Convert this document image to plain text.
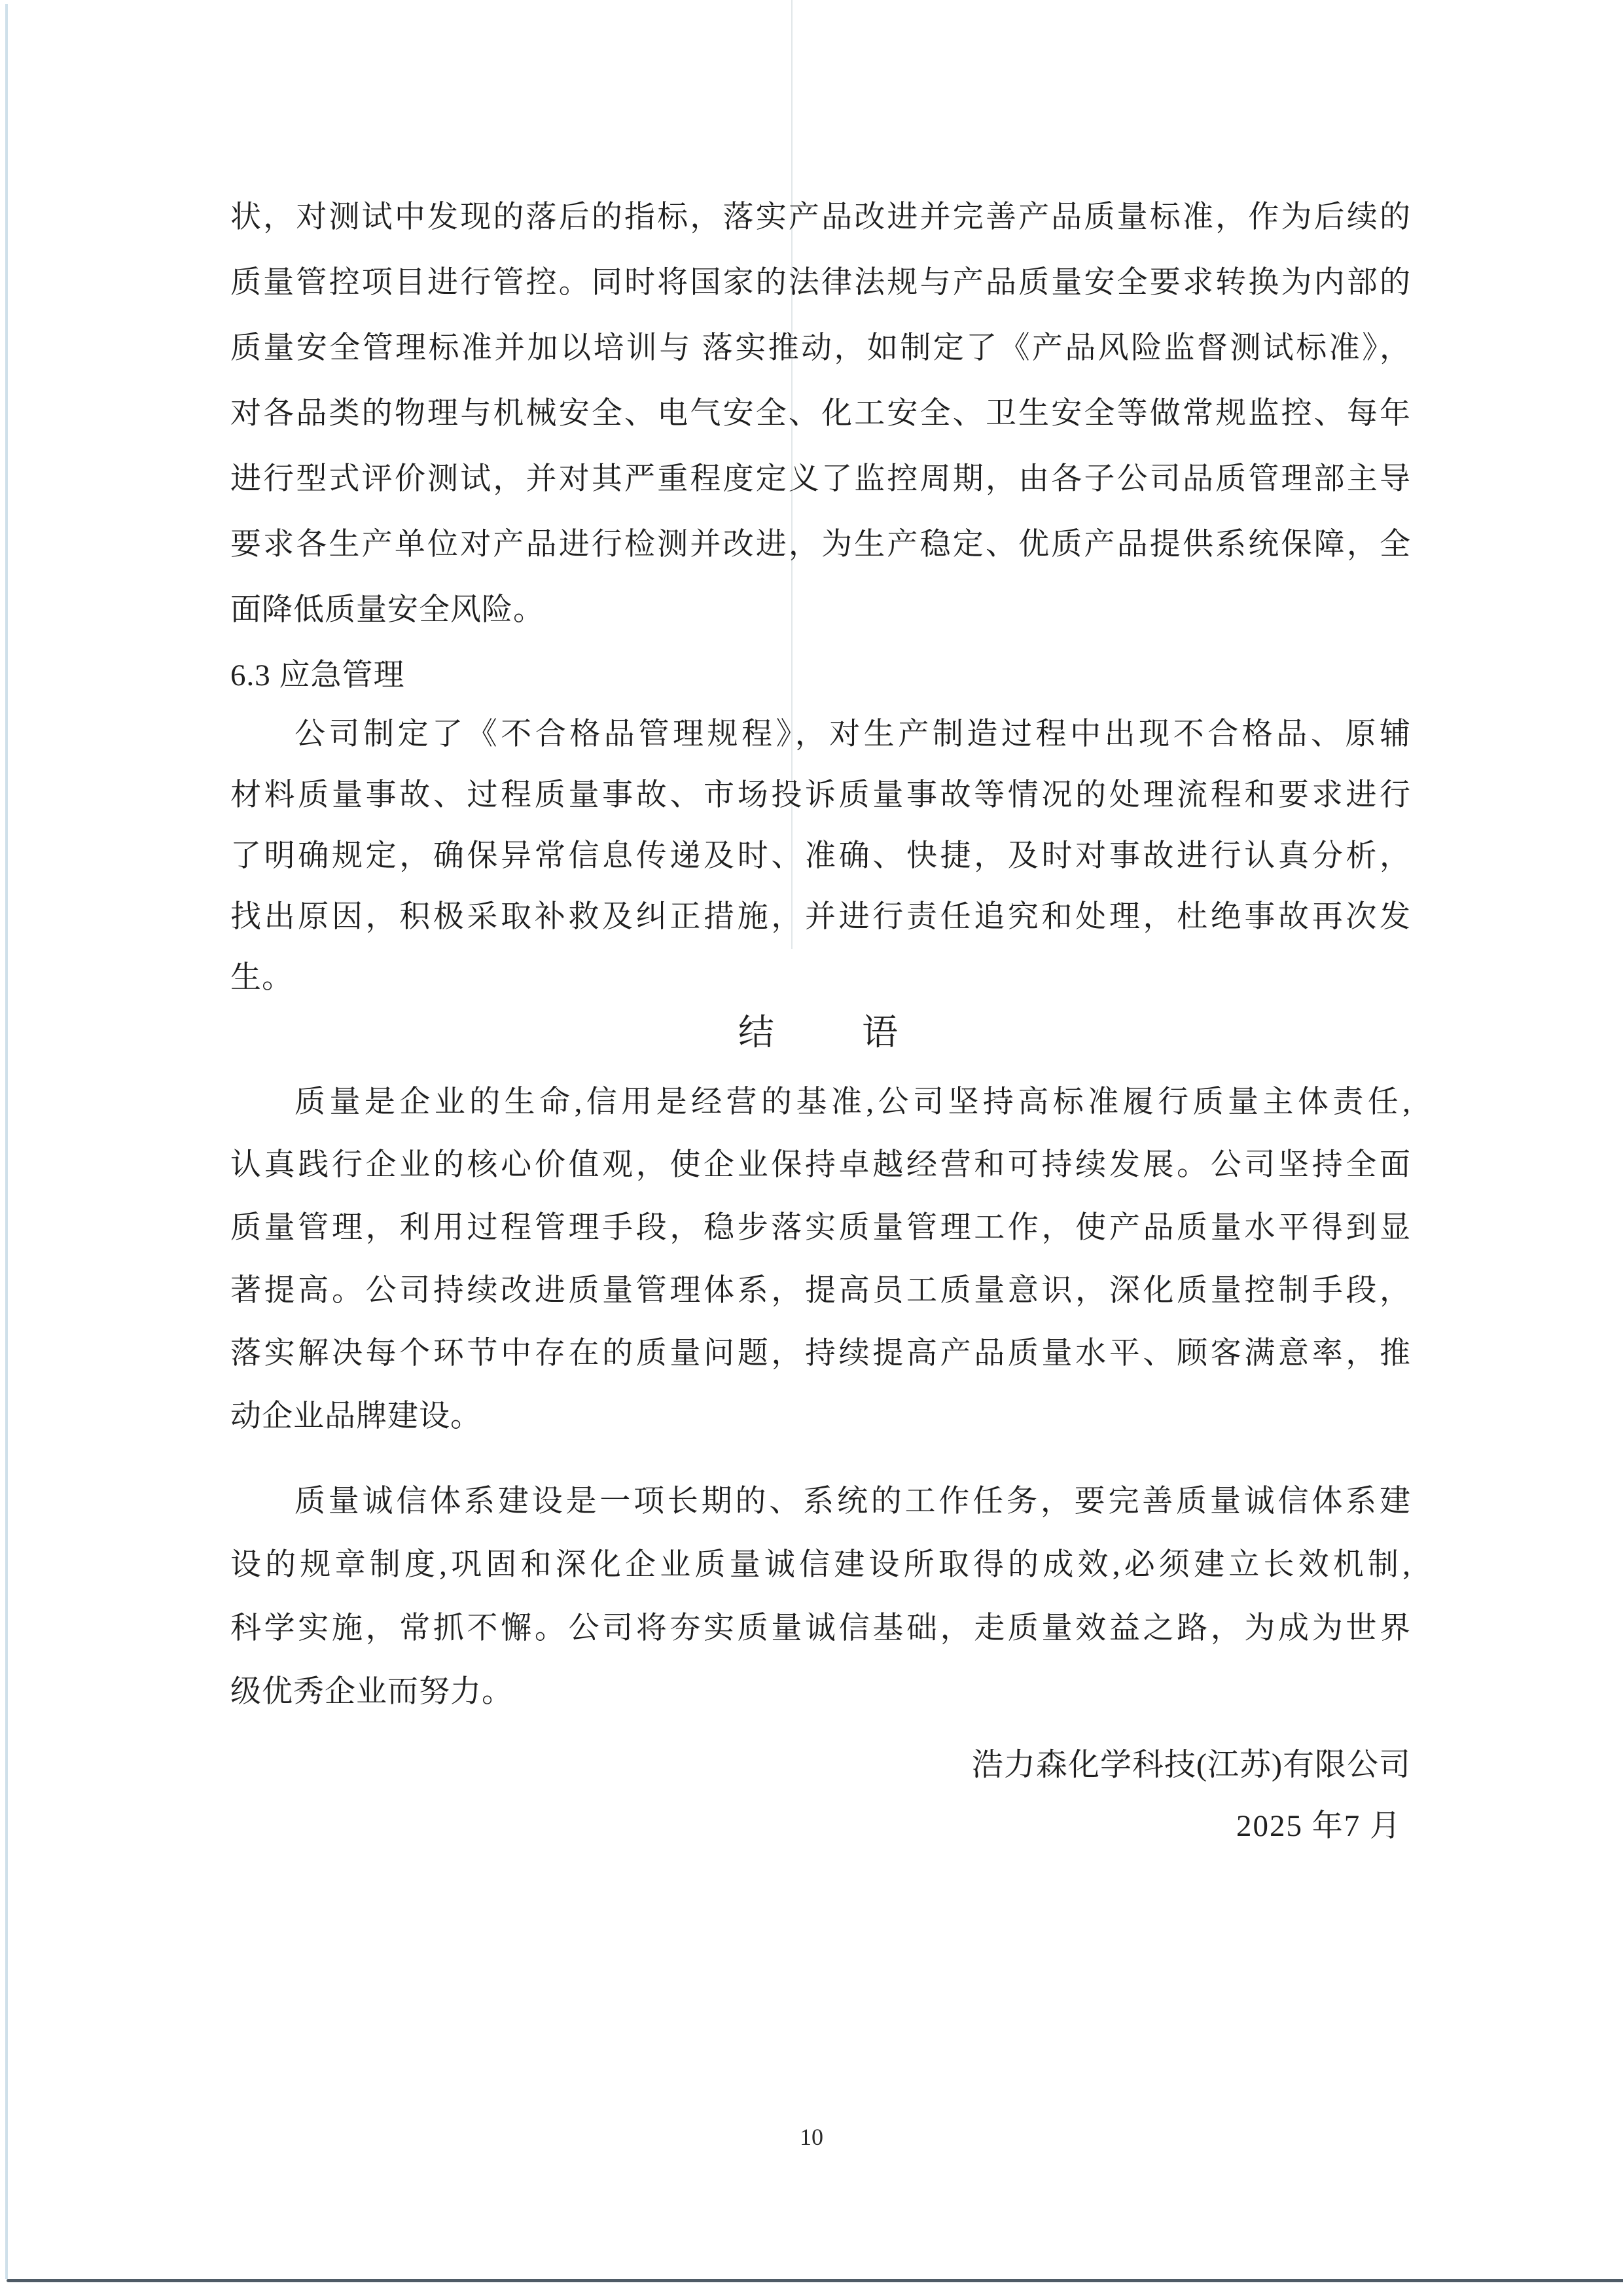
状，对测试中发现的落后的指标，落实产品改进并完善产品质量标准，作为后续的
质量管控项目进行管控。同时将国家的法律法规与产品质量安全要求转换为内部的
质量安全管理标准并加以培训与 落实推动，如制定了《产品风险监督测试标准》，
对各品类的物理与机械安全、电气安全、化工安全、卫生安全等做常规监控、每年
进行型式评价测试，并对其严重程度定义了监控周期，由各子公司品质管理部主导
要求各生产单位对产品进行检测并改进，为生产稳定、优质产品提供系统保障，全
面降低质量安全风险。
6.3 应急管理
公司制定了《不合格品管理规程》，对生产制造过程中出现不合格品、原辅
材料质量事故、过程质量事故、市场投诉质量事故等情况的处理流程和要求进行
了明确规定，确保异常信息传递及时、准确、快捷，及时对事故进行认真分析，
找出原因，积极采取补救及纠正措施，并进行责任追究和处理，杜绝事故再次发
生。
结　　语
质量是企业的生命,信用是经营的基准,公司坚持高标准履行质量主体责任,
认真践行企业的核心价值观，使企业保持卓越经营和可持续发展。公司坚持全面
质量管理，利用过程管理手段，稳步落实质量管理工作，使产品质量水平得到显
著提高。公司持续改进质量管理体系，提高员工质量意识，深化质量控制手段，
落实解决每个环节中存在的质量问题，持续提高产品质量水平、顾客满意率，推
动企业品牌建设。
质量诚信体系建设是一项长期的、系统的工作任务，要完善质量诚信体系建
设的规章制度,巩固和深化企业质量诚信建设所取得的成效,必须建立长效机制,
科学实施，常抓不懈。公司将夯实质量诚信基础，走质量效益之路，为成为世界
级优秀企业而努力。
浩力森化学科技(江苏)有限公司
2025 年7 月
10
